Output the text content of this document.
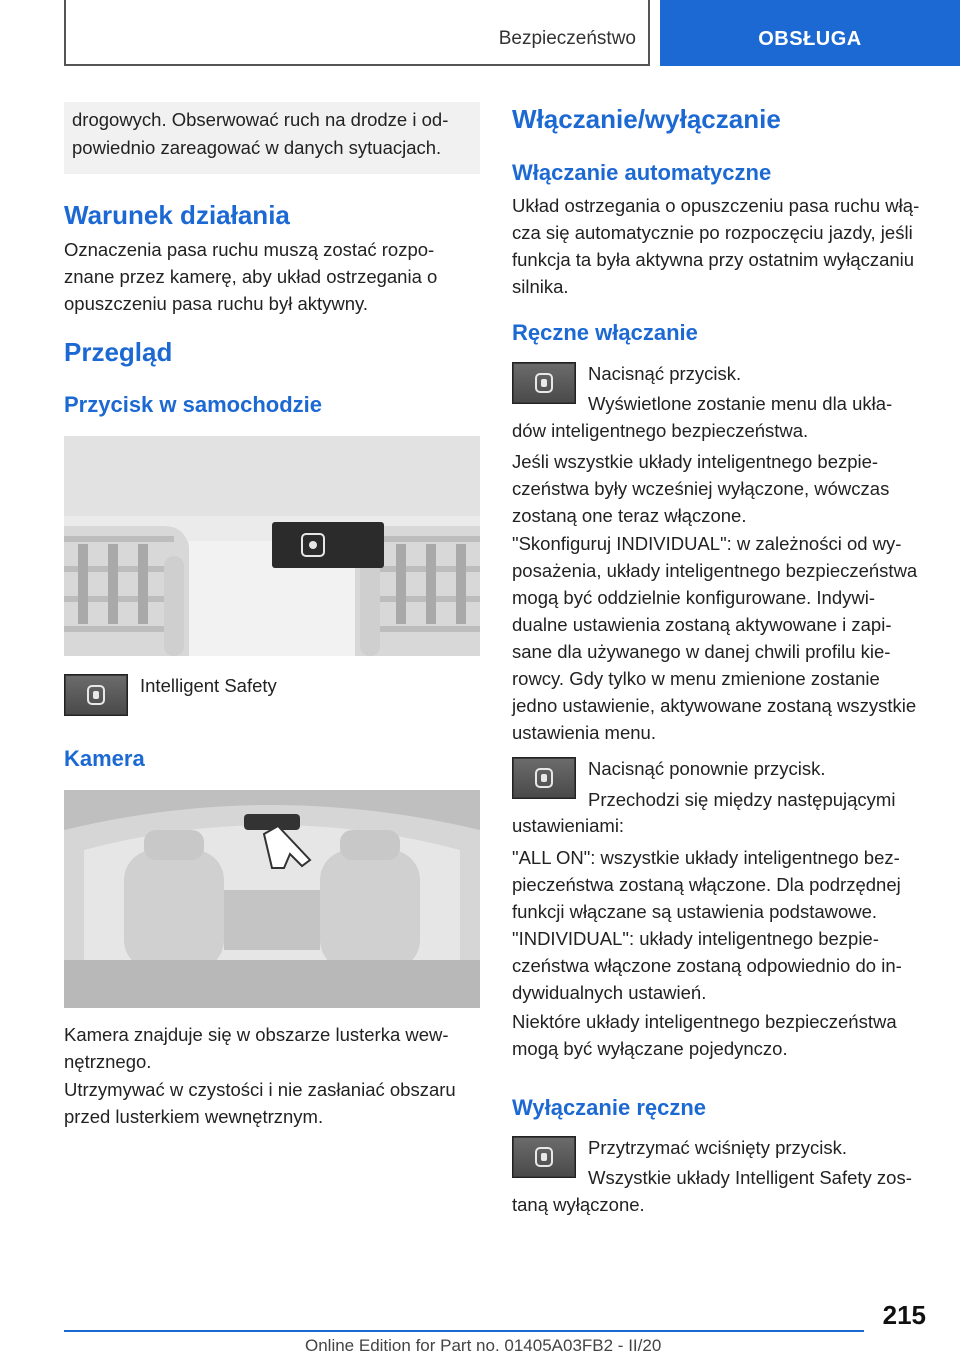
Bezpieczeństwo	OBSŁUGA
drogowych. Obserwować ruch na drodze i od-
powiednio zareagować w danych sytuacjach.
Warunek działania
Oznaczenia pasa ruchu muszą zostać rozpo-
znane przez kamerę, aby układ ostrzegania o
opuszczeniu pasa ruchu był aktywny.
Przegląd
Przycisk w samochodzie
Intelligent Safety
Kamera
Kamera znajduje się w obszarze lusterka wew-
nętrznego.
Utrzymywać w czystości i nie zasłaniać obszaru
przed lusterkiem wewnętrznym.
Włączanie/wyłączanie
Włączanie automatyczne
Układ ostrzegania o opuszczeniu pasa ruchu włą-
cza się automatycznie po rozpoczęciu jazdy, jeśli
funkcja ta była aktywna przy ostatnim wyłączaniu
silnika.
Ręczne włączanie
Nacisnąć przycisk.
Wyświetlone zostanie menu dla ukła-
dów inteligentnego bezpieczeństwa.
Jeśli wszystkie układy inteligentnego bezpie-
czeństwa były wcześniej wyłączone, wówczas
zostaną one teraz włączone.
"Skonfiguruj INDIVIDUAL": w zależności od wy-
posażenia, układy inteligentnego bezpieczeństwa
mogą być oddzielnie konfigurowane. Indywi-
dualne ustawienia zostaną aktywowane i zapi-
sane dla używanego w danej chwili profilu kie-
rowcy. Gdy tylko w menu zmienione zostanie
jedno ustawienie, aktywowane zostaną wszystkie
ustawienia menu.
Nacisnąć ponownie przycisk.
Przechodzi się między następującymi
ustawieniami:
"ALL ON": wszystkie układy inteligentnego bez-
pieczeństwa zostaną włączone. Dla podrzędnej
funkcji włączane są ustawienia podstawowe.
"INDIVIDUAL": układy inteligentnego bezpie-
czeństwa włączone zostaną odpowiednio do in-
dywidualnych ustawień.
Niektóre układy inteligentnego bezpieczeństwa
mogą być wyłączane pojedynczo.
Wyłączanie ręczne
Przytrzymać wciśnięty przycisk.
Wszystkie układy Intelligent Safety zos-
taną wyłączone.
215
Online Edition for Part no. 01405A03FB2 - II/20
